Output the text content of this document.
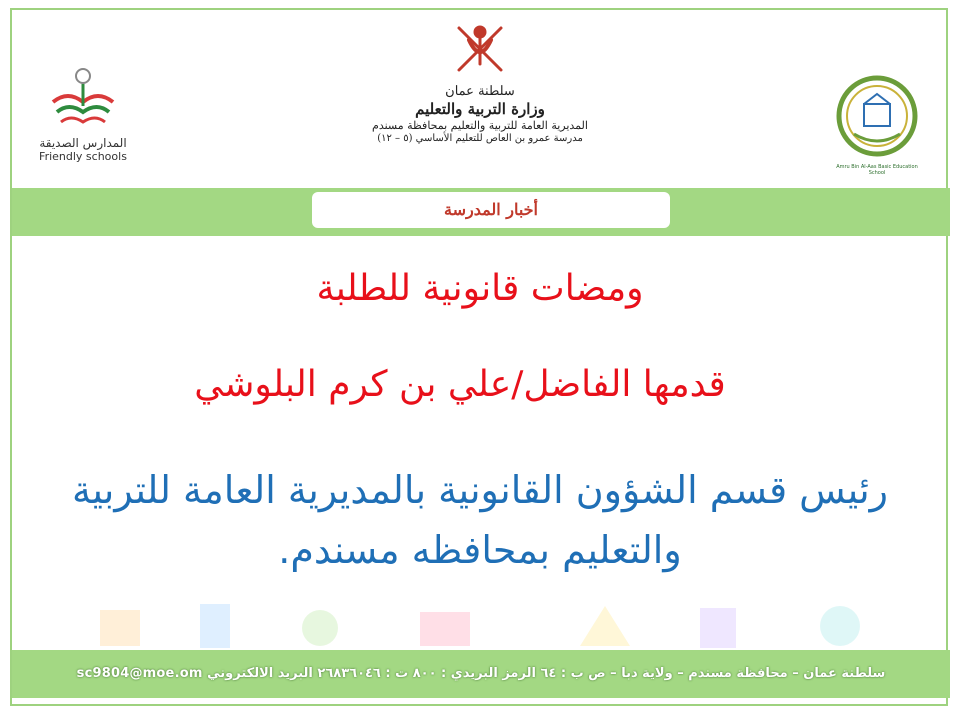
سلطنة عمان
وزارة التربية والتعليم
المديرية العامة للتربية والتعليم بمحافظة مسندم
مدرسة عمرو بن العاص للتعليم الأساسي (٥ – ١٢)
المدارس الصديقة
Friendly schools
Amru Bin Al-Aas Basic Education School
أخبار المدرسة
ومضات قانونية للطلبة
قدمها الفاضل/علي بن كرم البلوشي
رئيس قسم الشؤون القانونية بالمديرية العامة للتربية والتعليم بمحافظه مسندم.
سلطنة عمان – محافظة مسندم – ولاية دبا – ص ب : ٦٤ الرمز البريدي : ٨٠٠ ت : ٢٦٨٣٦٠٤٦ البريد الالكتروني sc9804@moe.om
